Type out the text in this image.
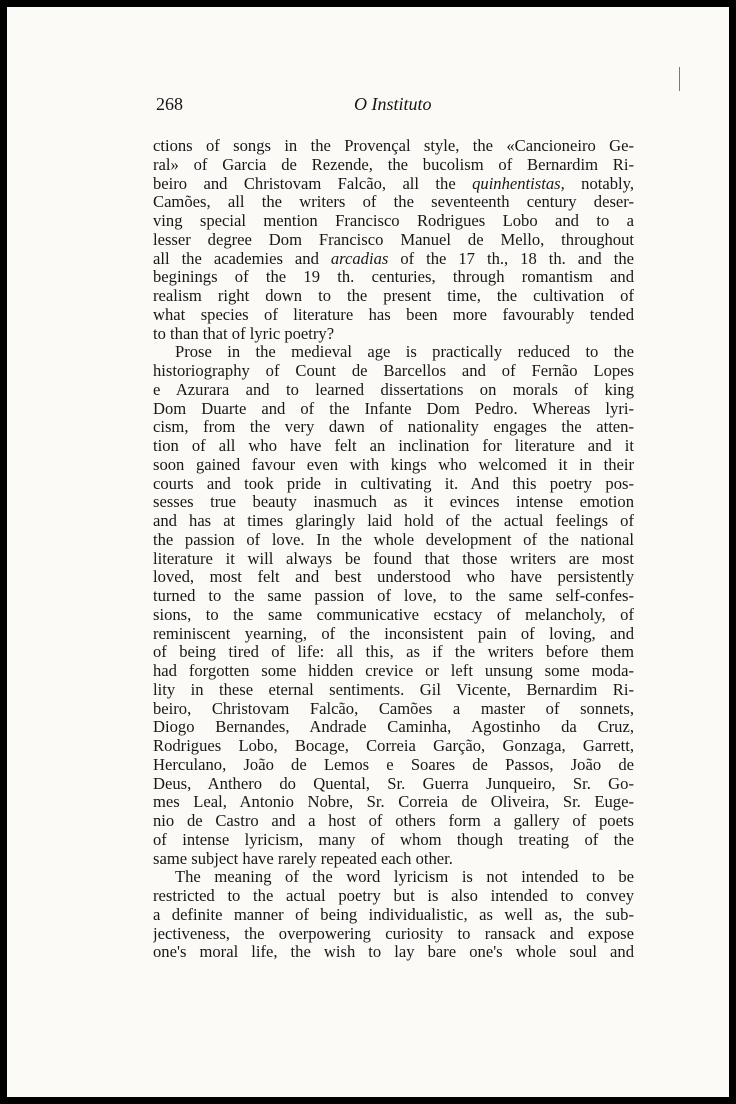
268	O Instituto
ctions of songs in the Provençal style, the «Cancioneiro Ge-
ral» of Garcia de Rezende, the bucolism of Bernardim Ri-
beiro and Christovam Falcão, all the quinhentistas, notably,
Camões, all the writers of the seventeenth century deser-
ving special mention Francisco Rodrigues Lobo and to a
lesser degree Dom Francisco Manuel de Mello, throughout
all the academies and arcadias of the 17 th., 18 th. and the
beginings of the 19 th. centuries, through romantism and
realism right down to the present time, the cultivation of
what species of literature has been more favourably tended
to than that of lyric poetry?
Prose in the medieval age is practically reduced to the
historiography of Count de Barcellos and of Fernão Lopes
e Azurara and to learned dissertations on morals of king
Dom Duarte and of the Infante Dom Pedro. Whereas lyri-
cism, from the very dawn of nationality engages the atten-
tion of all who have felt an inclination for literature and it
soon gained favour even with kings who welcomed it in their
courts and took pride in cultivating it. And this poetry pos-
sesses true beauty inasmuch as it evinces intense emotion
and has at times glaringly laid hold of the actual feelings of
the passion of love. In the whole development of the national
literature it will always be found that those writers are most
loved, most felt and best understood who have persistently
turned to the same passion of love, to the same self-confes-
sions, to the same communicative ecstacy of melancholy, of
reminiscent yearning, of the inconsistent pain of loving, and
of being tired of life: all this, as if the writers before them
had forgotten some hidden crevice or left unsung some moda-
lity in these eternal sentiments. Gil Vicente, Bernardim Ri-
beiro, Christovam Falcão, Camões a master of sonnets,
Diogo Bernandes, Andrade Caminha, Agostinho da Cruz,
Rodrigues Lobo, Bocage, Correia Garção, Gonzaga, Garrett,
Herculano, João de Lemos e Soares de Passos, João de
Deus, Anthero do Quental, Sr. Guerra Junqueiro, Sr. Go-
mes Leal, Antonio Nobre, Sr. Correia de Oliveira, Sr. Euge-
nio de Castro and a host of others form a gallery of poets
of intense lyricism, many of whom though treating of the
same subject have rarely repeated each other.
The meaning of the word lyricism is not intended to be
restricted to the actual poetry but is also intended to convey
a definite manner of being individualistic, as well as, the sub-
jectiveness, the overpowering curiosity to ransack and expose
one's moral life, the wish to lay bare one's whole soul and
